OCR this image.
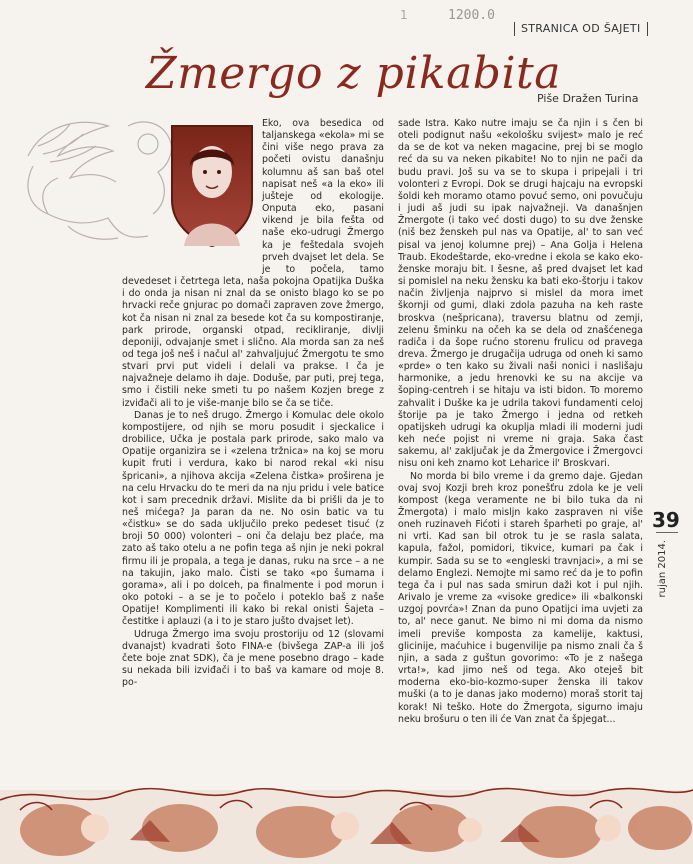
1	1200.0
STRANICA OD ŠAJETI
Žmergo z pikabita
Piše Dražen Turina

Eko, ova besedica od taljanskega «ekola» mi se čini više nego prava za početi ovistu današnju kolumnu aš san baš otel napisat neš «a la eko» ili jušteje od ekologije. Onputa eko, pasani vikend je bila fešta od naše eko-udrugi Žmergo ka je feštedala svojeh prveh dvajset let dela. Se je to počela, tamo devedeset i četrtega leta, naša pokojna Opatijka Duška i do onda ja nisan ni znal da se onisto blago ko se po hrvacki reče gnjurac po domači zapraven zove žmergo, kot ča nisan ni znal za besede kot ča su kompostiranje, park prirode, organski otpad, recikliranje, divlji deponiji, odvajanje smet i slično. Ala morda san za neš od tega još neš i načul al' zahvaljujuć Žmergotu te smo stvari prvi put videli i delali va prakse. I ča je najvažneje delamo ih daje. Doduše, par puti, prej tega, smo i čistili neke smeti tu po našem Kozjen brege z izviđači ali to je više-manje bilo se ča se tiče.

Danas je to neš drugo. Žmergo i Komulac dele okolo kompostijere, od njih se moru posudit i sjeckalice i drobilice, Učka je postala park prirode, sako malo va Opatije organizira se i «zelena tržnica» na koj se moru kupit fruti i verdura, kako bi narod rekal «ki nisu špricani», a njihova akcija «Zelena čistka» proširena je na celu Hrvacku do te meri da na nju pridu i vele batice kot i sam precednik državi. Mislite da bi prišli da je to neš mićega? Ja paran da ne. No osin batic va tu «čistku» se do sada uključilo preko pedeset tisuć (z broji 50 000) volonteri – oni ča delaju bez plaće, ma zato aš tako otelu a ne pofin tega aš njin je neki pokral firmu ili je propala, a tega je danas, ruku na srce – a ne na takujin, jako malo. Čisti se tako «po šumama i gorama», ali i po dolceh, pa finalmente i pod morun i oko potoki – a se je to počelo i poteklo baš z naše Opatije! Komplimenti ili kako bi rekal onisti Šajeta – čestitke i aplauzi (a i to je staro jušto dvajset let).

Udruga Žmergo ima svoju prostoriju od 12 (slovami dvanajst) kvadrati šoto FINA-e (bivšega ZAP-a ili još čete boje znat SDK), ča je mene posebno drago – kade su nekada bili izviđači i to baš va kamare od moje 8. po-

sade Istra. Kako nutre imaju se ča njin i s čen bi oteli podignut našu «ekološku svijest» malo je reć da se de kot va neken magacine, prej bi se moglo reć da su va neken pikabite! No to njin ne pači da budu pravi. Još su va se to skupa i pripejali i tri volonteri z Evropi. Dok se drugi hajcaju na evropski šoldi keh moramo otamo povuć semo, oni povučuju i judi aš judi su ipak najvažneji. Va današnjen Žmergote (i tako već dosti dugo) to su dve ženske (niš bez ženskeh pul nas va Opatije, al' to san već pisal va jenoj kolumne prej) – Ana Golja i Helena Traub. Ekodeštarde, eko-vredne i ekola se kako eko-ženske moraju bit. I šesne, aš pred dvajset let kad si pomislel na neku žensku ka bati eko-štorju i takov način življenja najprvo si mislel da mora imet škornji od gumi, dlaki zdola pazuha na keh raste broskva (nešpricana), traversu blatnu od zemji, zelenu šminku na očeh ka se dela od znašćenega radiča i da šope rućno storenu frulicu od pravega dreva. Žmergo je drugačija udruga od oneh ki samo «prde» o ten kako su živali naši nonici i naslišaju harmonike, a jedu hrenovki ke su na akcije va šoping-centreh i se hitaju va isti bidon. To moremo zahvalit i Duške ka je udrila takovi fundamenti celoj štorije pa je tako Žmergo i jedna od retkeh opatijskeh udrugi ka okuplja mladi ili moderni judi keh neće pojist ni vreme ni graja. Saka čast sakemu, al' zaključak je da Žmergovice i Žmergovci nisu oni keh znamo kot Leharice il' Broskvari.

No morda bi bilo vreme i da gremo daje. Gjedan ovaj svoj Kozji breh kroz ponešťru zdola ke je veli kompost (kega veramente ne bi bilo tuka da ni Žmergota) i malo misljn kako zaspraven ni više oneh ruzinaveh Fićoti i stareh šparheti po graje, al' ni vrti. Kad san bil otrok tu je se rasla salata, kapula, fažol, pomidori, tikvice, kumari pa čak i kumpir. Sada su se to «engleski travnjaci», a mi se delamo Englezi. Nemojte mi samo reć da je to pofin tega ča i pul nas sada smirun daži kot i pul njih. Arivalo je vreme za «visoke gredice» ili «balkonski uzgoj povrća»! Znan da puno Opatijci ima uvjeti za to, al' nece ganut. Ne bimo ni mi doma da nismo imeli previše komposta za kamelije, kaktusi, glicinije, maćuhice i bugenvilije pa nismo znali ča š njin, a sada z guštun govorimo: «To je z našega vrta!», kad jimo neš od tega. Ako oteješ bit moderna eko-bio-kozmo-super ženska ili takov muški (a to je danas jako moderno) moraš storit taj korak! Ni teško. Hote do Žmergota, sigurno imaju neku brošuru o ten ili će Van znat ča špjegat...

39
rujan 2014.
